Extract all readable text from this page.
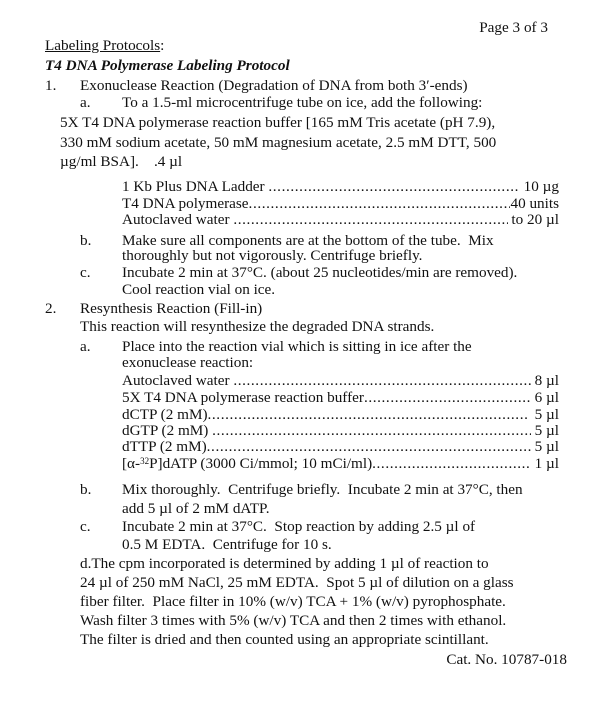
Page 3 of 3
Labeling Protocols:
T4 DNA Polymerase Labeling Protocol
1. Exonuclease Reaction (Degradation of DNA from both 3′-ends)
a. To a 1.5-ml microcentrifuge tube on ice, add the following:
5X T4 DNA polymerase reaction buffer [165 mM Tris acetate (pH 7.9),
330 mM sodium acetate, 50 mM magnesium acetate, 2.5 mM DTT, 500
µg/ml BSA].    .4 µl
1 Kb Plus DNA Ladder .....	10 µg
T4 DNA polymerase .....	40 units
Autoclaved water .....	to 20 µl
b. Make sure all components are at the bottom of the tube.  Mix
thoroughly but not vigorously. Centrifuge briefly.
c. Incubate 2 min at 37°C. (about 25 nucleotides/min are removed).
Cool reaction vial on ice.
2. Resynthesis Reaction (Fill-in)
This reaction will resynthesize the degraded DNA strands.
a. Place into the reaction vial which is sitting in ice after the
exonuclease reaction:
Autoclaved water .....	8 µl
5X T4 DNA polymerase reaction buffer .....	6 µl
dCTP (2 mM) .....	5 µl
dGTP (2 mM) .....	5 µl
dTTP (2 mM) .....	5 µl
[α-$^{32}$P]dATP (3000 Ci/mmol; 10 mCi/ml) .....	1 µl
b. Mix thoroughly.  Centrifuge briefly.  Incubate 2 min at 37°C, then
add 5 µl of 2 mM dATP.
c. Incubate 2 min at 37°C.  Stop reaction by adding 2.5 µl of
0.5 M EDTA.  Centrifuge for 10 s.
d.The cpm incorporated is determined by adding 1 µl of reaction to
24 µl of 250 mM NaCl, 25 mM EDTA.  Spot 5 µl of dilution on a glass
fiber filter.  Place filter in 10% (w/v) TCA + 1% (w/v) pyrophosphate.
Wash filter 3 times with 5% (w/v) TCA and then 2 times with ethanol.
The filter is dried and then counted using an appropriate scintillant.
Cat. No. 10787-018
